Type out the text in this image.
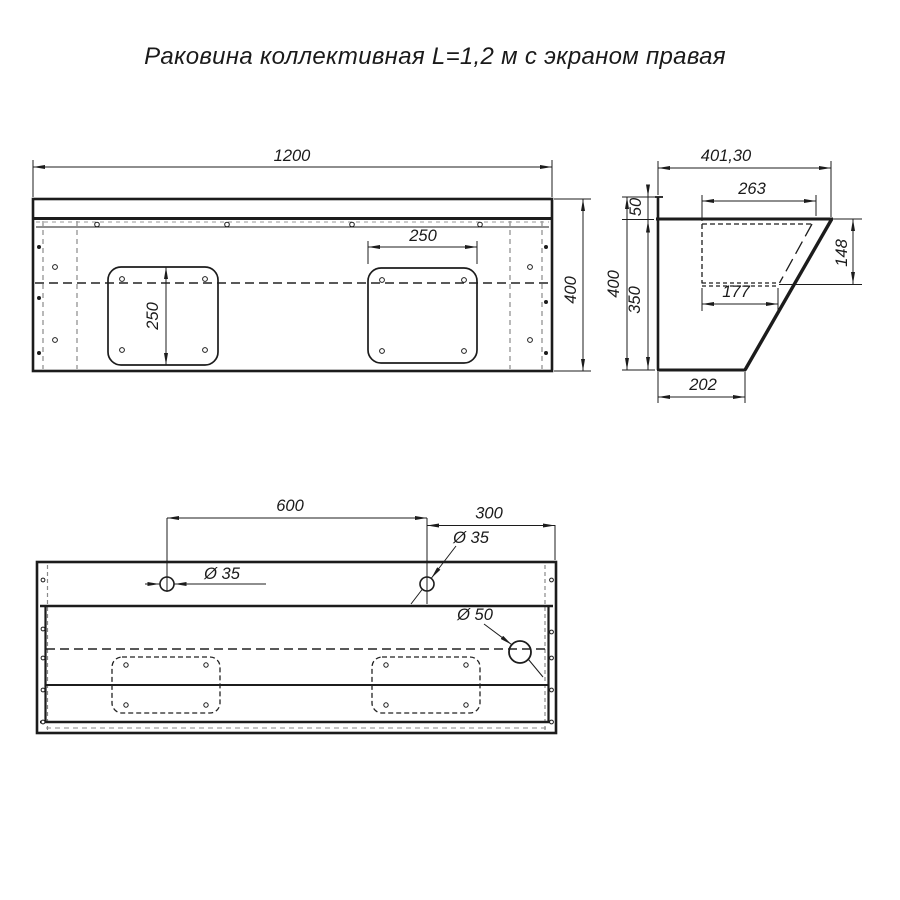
Раковина коллективная L=1,2 м с экраном правая
1200
400
250
250
401,30
263
50
350
400
148
177
202
600	300
Ø 35
Ø 35
Ø 50
